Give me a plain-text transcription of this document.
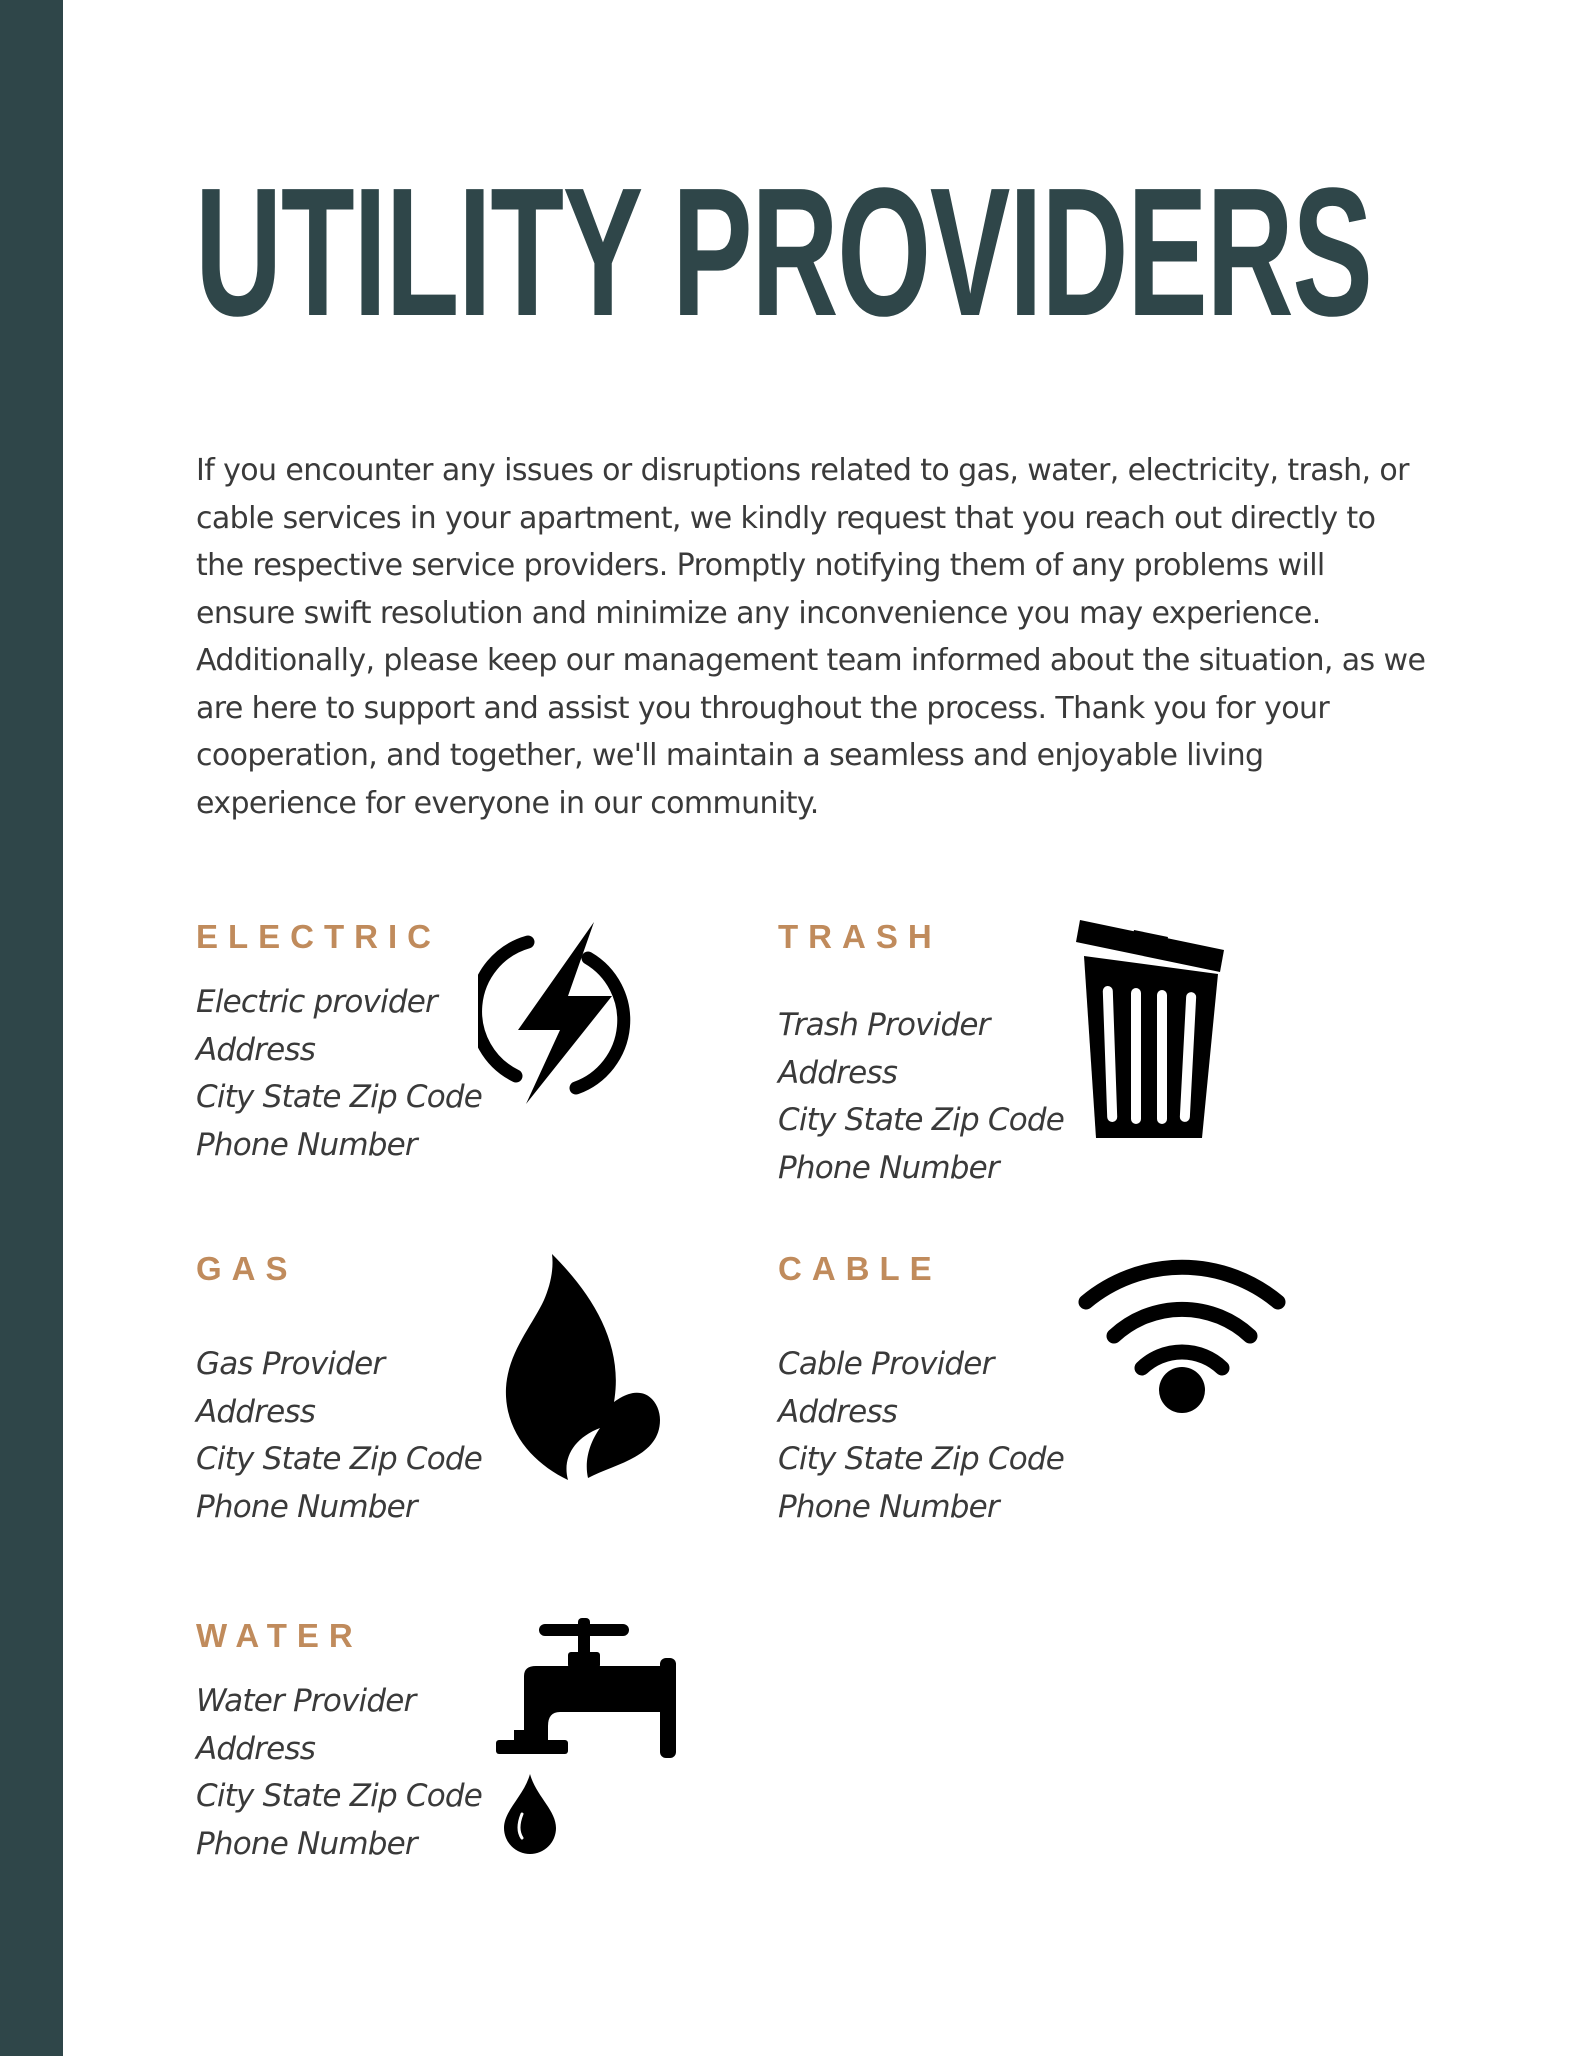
UTILITY PROVIDERS

If you encounter any issues or disruptions related to gas, water, electricity, trash, or cable services in your apartment, we kindly request that you reach out directly to the respective service providers. Promptly notifying them of any problems will ensure swift resolution and minimize any inconvenience you may experience. Additionally, please keep our management team informed about the situation, as we are here to support and assist you throughout the process. Thank you for your cooperation, and together, we'll maintain a seamless and enjoyable living experience for everyone in our community.

ELECTRIC
Electric provider
Address
City State Zip Code
Phone Number
TRASH
Trash Provider
Address
City State Zip Code
Phone Number
GAS
Gas Provider
Address
City State Zip Code
Phone Number
CABLE
Cable Provider
Address
City State Zip Code
Phone Number
WATER
Water Provider
Address
City State Zip Code
Phone Number
